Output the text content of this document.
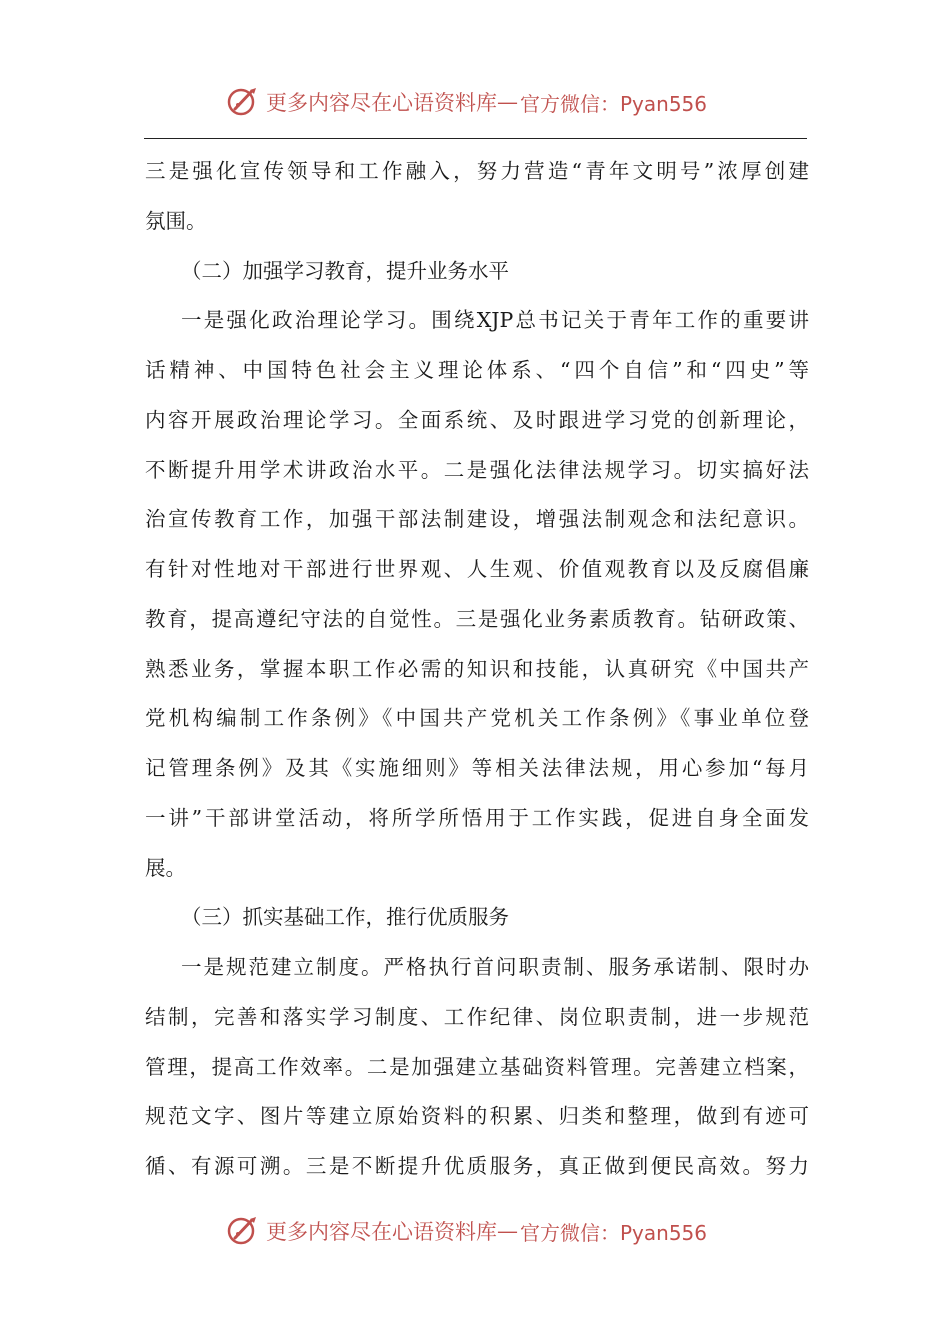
更多内容尽在心语资料库 — 官方微信：Pyan556
三是强化宣传领导和工作融入，努力营造“青年文明号”浓厚创建
氛围。
（二）加强学习教育，提升业务水平
一是强化政治理论学习。围绕XJP总书记关于青年工作的重要讲
话精神、中国特色社会主义理论体系、“四个自信”和“四史”等
内容开展政治理论学习。全面系统、及时跟进学习党的创新理论，
不断提升用学术讲政治水平。二是强化法律法规学习。切实搞好法
治宣传教育工作，加强干部法制建设，增强法制观念和法纪意识。
有针对性地对干部进行世界观、人生观、价值观教育以及反腐倡廉
教育，提高遵纪守法的自觉性。三是强化业务素质教育。钻研政策、
熟悉业务，掌握本职工作必需的知识和技能，认真研究《中国共产
党机构编制工作条例》《中国共产党机关工作条例》《事业单位登
记管理条例》及其《实施细则》等相关法律法规，用心参加“每月
一讲”干部讲堂活动，将所学所悟用于工作实践，促进自身全面发
展。
（三）抓实基础工作，推行优质服务
一是规范建立制度。严格执行首问职责制、服务承诺制、限时办
结制，完善和落实学习制度、工作纪律、岗位职责制，进一步规范
管理，提高工作效率。二是加强建立基础资料管理。完善建立档案，
规范文字、图片等建立原始资料的积累、归类和整理，做到有迹可
循、有源可溯。三是不断提升优质服务，真正做到便民高效。努力
更多内容尽在心语资料库 — 官方微信：Pyan556
